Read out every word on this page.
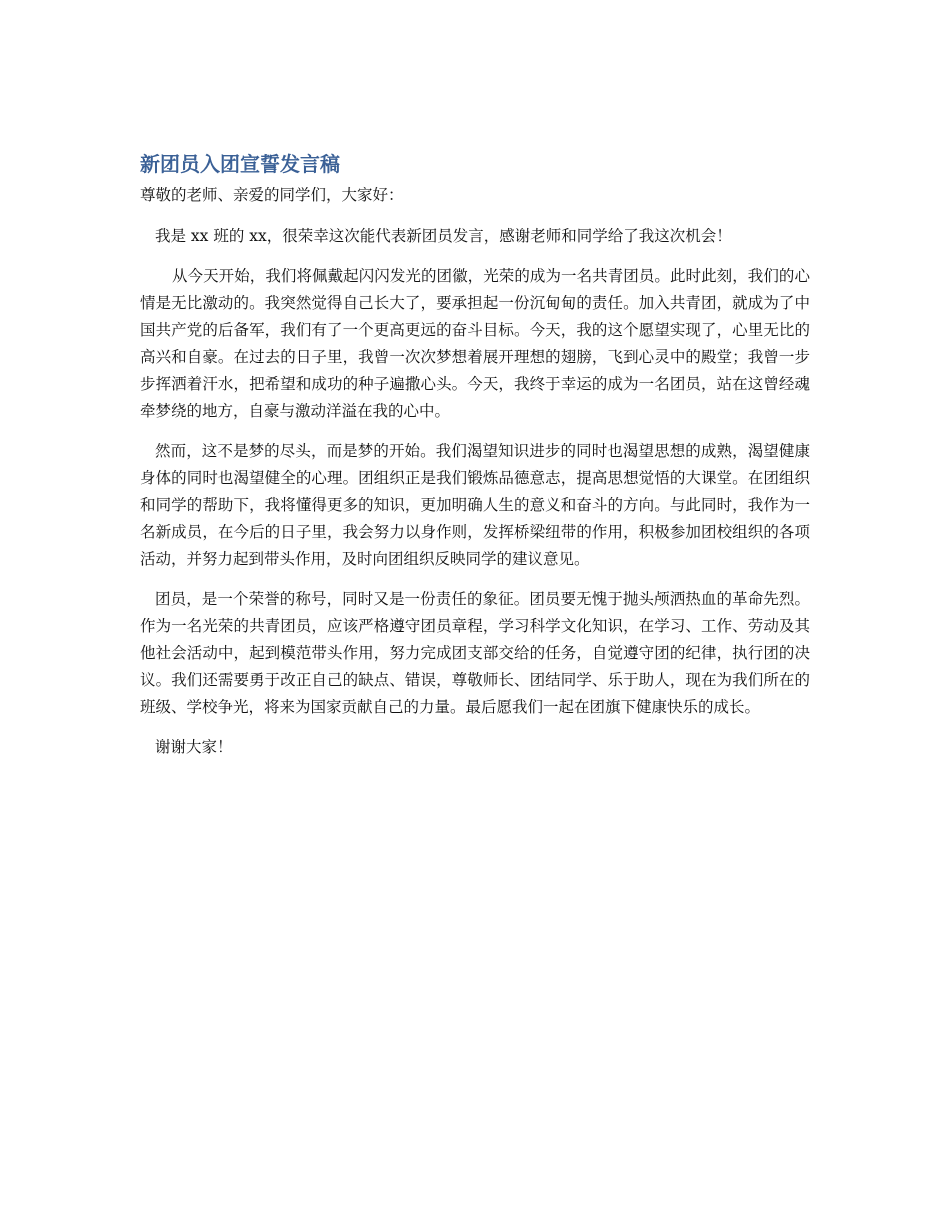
新团员入团宣誓发言稿

尊敬的老师、亲爱的同学们，大家好：

我是 xx 班的 xx，很荣幸这次能代表新团员发言，感谢老师和同学给了我这次机会！

从今天开始，我们将佩戴起闪闪发光的团徽，光荣的成为一名共青团员。此时此刻，我们的心情是无比激动的。我突然觉得自己长大了，要承担起一份沉甸甸的责任。加入共青团，就成为了中国共产党的后备军，我们有了一个更高更远的奋斗目标。今天，我的这个愿望实现了，心里无比的高兴和自豪。在过去的日子里，我曾一次次梦想着展开理想的翅膀，飞到心灵中的殿堂；我曾一步步挥洒着汗水，把希望和成功的种子遍撒心头。今天，我终于幸运的成为一名团员，站在这曾经魂牵梦绕的地方，自豪与激动洋溢在我的心中。

然而，这不是梦的尽头，而是梦的开始。我们渴望知识进步的同时也渴望思想的成熟，渴望健康身体的同时也渴望健全的心理。团组织正是我们锻炼品德意志，提高思想觉悟的大课堂。在团组织和同学的帮助下，我将懂得更多的知识，更加明确人生的意义和奋斗的方向。与此同时，我作为一名新成员，在今后的日子里，我会努力以身作则，发挥桥梁纽带的作用，积极参加团校组织的各项活动，并努力起到带头作用，及时向团组织反映同学的建议意见。

团员，是一个荣誉的称号，同时又是一份责任的象征。团员要无愧于抛头颅洒热血的革命先烈。作为一名光荣的共青团员，应该严格遵守团员章程，学习科学文化知识，在学习、工作、劳动及其他社会活动中，起到模范带头作用，努力完成团支部交给的任务，自觉遵守团的纪律，执行团的决议。我们还需要勇于改正自己的缺点、错误，尊敬师长、团结同学、乐于助人，现在为我们所在的班级、学校争光，将来为国家贡献自己的力量。最后愿我们一起在团旗下健康快乐的成长。

谢谢大家！
